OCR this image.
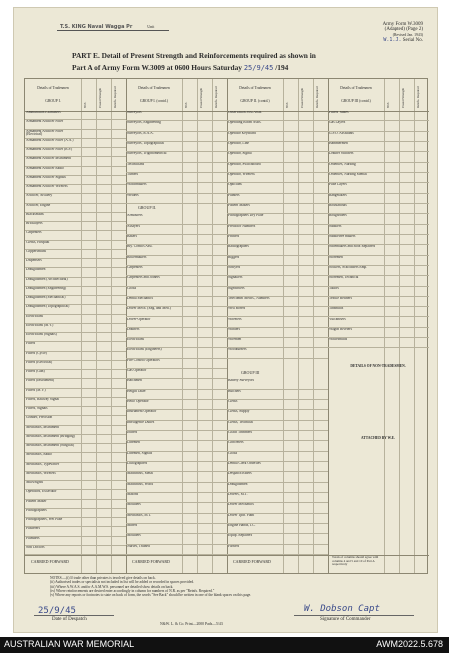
T.S. KING Naval Wagga Pr	Unit	Army Form W.3009
(Adapted) (Page 2)
(Revised Jan. 1943)
W.1.J. Serial No.
PART E. Detail of Present Strength and Reinforcements required as shown in
Part A of Army Form W.3009 at 0600 Hours Saturday 25/9/45 /194
Details of Tradesmen
GROUP I.
W.E.	Posted Strength	Reinfs. Required
CARRIED FORWARD
Details of Tradesmen
GROUP I. (contd.)
W.E.	Posted Strength	Reinfs. Required
CARRIED FORWARD
Details of Tradesmen
GROUP II. (contd.)
W.E.	Posted Strength	Reinfs. Required
CARRIED FORWARD
Details of Tradesmen
GROUP III (contd.)
W.E.	Posted Strength	Reinfs. Required
Totals of columns should agree with columns 4 and 5 and 10 of Part A respectively
Ammunition Examiners
Armament Artificer Fitter
Armament Artificer Fitter (Electrical)
Armament Artificer Fitter (A.A.)
Armament Artificer Fitter (R.P.)
Armament Artificer Instrument
Armament Artificer Radio
Armament Artificer Signals
Armament Artificer Wireless
Artificer, Artillery
Artificer, Engine
Blacksmiths
Bricklayers
Carpenters
Clerks, Hospital
Coppersmiths
Dispensers
Draughtsmen
Draughtsmen (Architectural)
Draughtsmen (Engineering)
Draughtsmen (Mechanical)
Draughtsmen (Topographical)
Electricians
Electricians (M.V.)
Electricians (Signals)
Fitters
Fitters (Cycle)
Fitters (Electrical)
Fitters (Gun)
Fitters (Instrument)
Fitters (M.V.)
Fitters, Railway Signal
Fitters, Signals
Grinder, Precision
Mechanics, Instrument
Mechanics, Instrument (Bridging)
Mechanics, Instrument (Surgical)
Mechanics, Radio
Mechanics, Typewriter
Mechanics, Wireless
Millwrights
Operators, Excavator
Pattern Maker
Photographers
Photographers, Wet Plate
Plasterers
Plumbers
Saw Doctors
Surveyors
Surveyors, Engineering
Surveyors, R.A.A.
Surveyors, Topographical
Surveyors, Trigonometrical
Technicians
Turners
Watchmakers
Welders
GROUP II.
Armourers
Assayers
Bakers
Bty. Comd's Asst.
Boilermakers
Carpenters
Carpenters and Joiners
Cooks
Dental Mechanics
Driver Mech. (Eng. and Med.)
Driver-Operator
Drainers
Electricians
Electricians (Engineers)
Fire Control Operators
Gas Operator
Hatchmen
Height Taker
Helio Operator
Instrument Operator
Intelligence Duties
Joiners
Linemen
Linemen, Signals
Lithographers
Machinists, Metal
Machinists, Wood
Masons
Moulders
Mechanics, M.T.
Miners
Moulders
Nurses, Trained
Observation Post Assts.
Operating Room Assts.
Operator Keyboard
Operator, Line
Operator, Signal
Operator, Switchboard
Operator, Wireless
Opticians
Painters
Pattern Makers
Photographers Dry Plate
Predictor Numbers
Printers
Radiographers
Riggers
Sawyers
Signallers
Signwriters
Telecomm Mechs., Numbers
Well Borers
Wheelers
Winders
Wiremen
Woodturners
GROUP III
Battery Surveyors
Butchers
Clerks
Clerks, Supply
Clerks, Technical
Coach Trimmers
Concreters
Cooks
Dental Clerk Orderlies
Despatch Riders
Draughtsmen
Drivers, M.T.
Driver Mechanics
Driver Tptn. Plant
Engine Hands, I.C.
Equip. Repairers
Farriers
Fitters' Mates
Gas Layers
G.P.O. Assistants
Hammermen
Leather Stitchers
Orderlies, Nursing
Orderlies, Nursing Mental
Plate Layers
Rangetakers
Roustabouts
Roughriders
Saddlers
Saddletree makers
Shoemakers and Boot Repairers
Storemen
Sockers, Scaffolders Emp.
Storemen, Technical
Tailors
Textile Refiners
Tinsmiths
Vulcanisers
Wagon Riveters
Whitesmiths
DETAILS OF NON-TRADESMEN.
ATTACHED BY W.E.
NOTES.—(i) If trade other than privates is involved give details on back.
(ii) Authorised trades or specialists not included in list will be added or recorded in spaces provided.
(iii) Where A.W.A.S. and/or A.A.M.W.S. personnel are detailed show details on back.
(iv) Where reinforcements are desired enter accordingly in column for numbers of N.R. as per "Reinfs. Required."
(v) Where any reports or footnotes to state on back of form, the words "See Back" should be written in one of the blank spaces on this page.
25/9/45
Date of Despatch
W. Dobson Capt
Signature of Commander
N&W. L. & Co. Print—2000 Pads—5/43
AUSTRALIAN WAR MEMORIAL	AWM2022.5.678
